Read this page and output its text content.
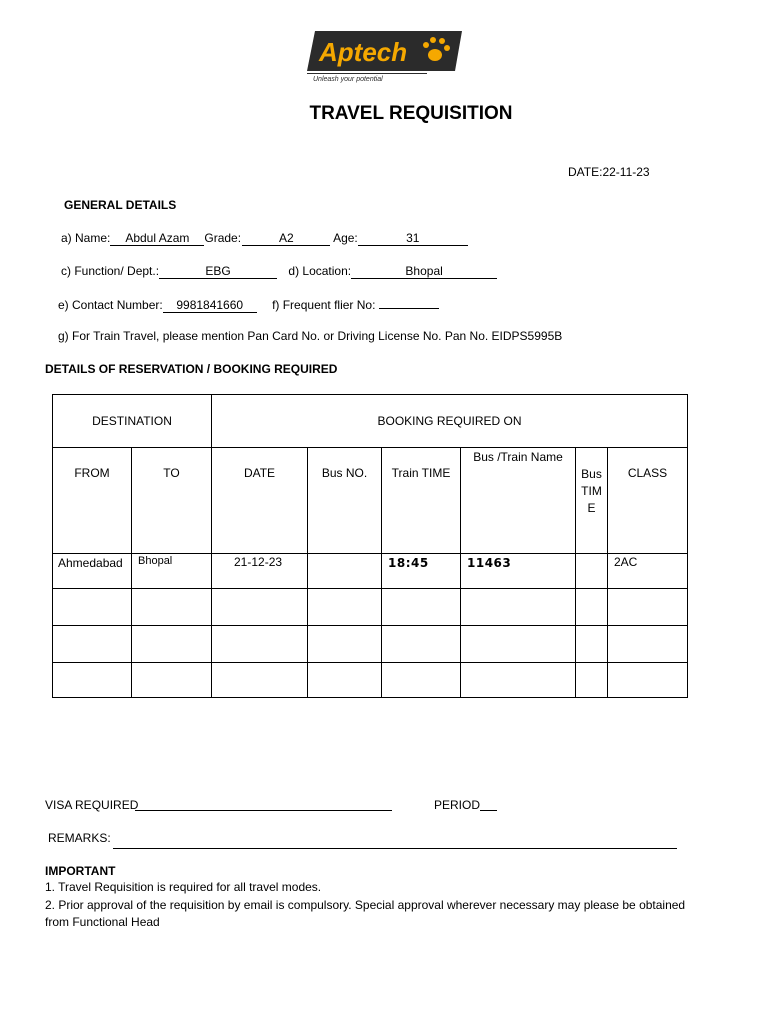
Aptech
Unleash your potential
TRAVEL REQUISITION
DATE:22-11-23
GENERAL DETAILS
a) Name: Abdul Azam Grade:	A2	Age:	31
c) Function/ Dept.:	EBG	d) Location:	Bhopal
e) Contact Number: 9981841660 f) Frequent flier No:
g) For Train Travel, please mention Pan Card No. or Driving License No. Pan No. EIDPS5995B
DETAILS OF RESERVATION / BOOKING REQUIRED
DESTINATION		BOOKING REQUIRED ON					
FROM	TO	DATE	Bus NO.	Train TIME	Bus /Train Name	Bus TIME	CLASS
Ahmedabad	Bhopal	21-12-23		18:45	11463		2AC

VISA REQUIRED	PERIOD
REMARKS:
IMPORTANT
1. Travel Requisition is required for all travel modes.
2. Prior approval of the requisition by email is compulsory. Special approval wherever necessary may please be obtained
from Functional Head
